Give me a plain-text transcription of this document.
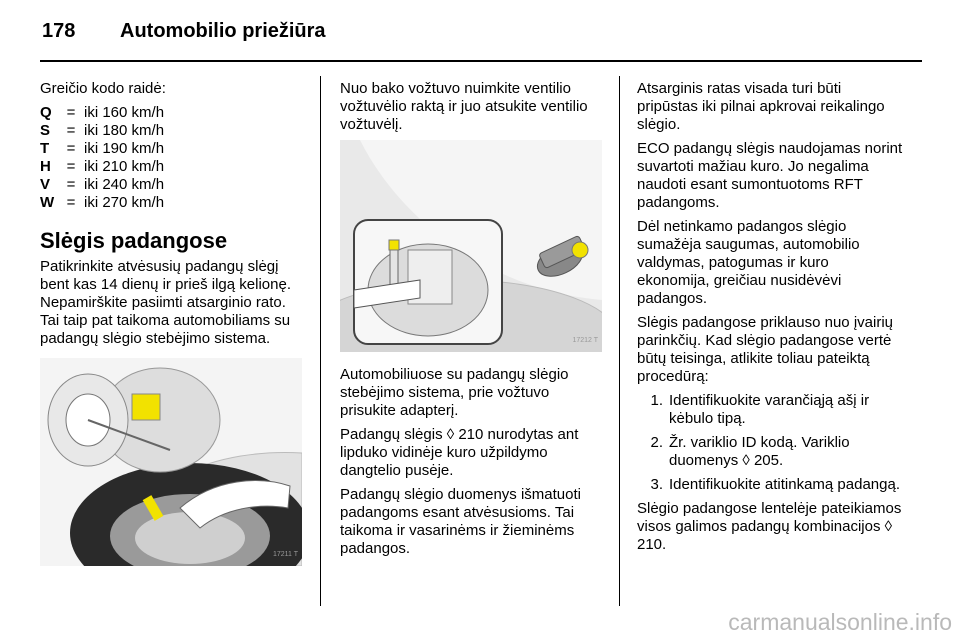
178	Automobilio priežiūra

Greičio kodo raidė:

Q = iki 160 km/h
S	= iki 180 km/h
T	= iki 190 km/h
H	= iki 210 km/h
V	= iki 240 km/h
W = iki 270 km/h
Slėgis padangose

Patikrinkite atvėsusių padangų slėgį bent kas 14 dienų ir prieš ilgą kelionę. Nepamirškite pasiimti atsarginio rato. Tai taip pat taikoma automobiliams su padangų slėgio stebėjimo sistema.

17211 T

Nuo bako vožtuvo nuimkite ventilio vožtuvėlio raktą ir juo atsukite ventilio vožtuvėlį.

17212 T

Automobiliuose su padangų slėgio stebėjimo sistema, prie vožtuvo prisukite adapterį.

Padangų slėgis ◊ 210 nurodytas ant lipduko vidinėje kuro užpildymo dangtelio pusėje.

Padangų slėgio duomenys išmatuoti padangoms esant atvėsusioms. Tai taikoma ir vasarinėms ir žieminėms padangos.

Atsarginis ratas visada turi būti pripūstas iki pilnai apkrovai reikalingo slėgio.

ECO padangų slėgis naudojamas norint suvartoti mažiau kuro. Jo negalima naudoti esant sumontuotoms RFT padangoms.

Dėl netinkamo padangos slėgio sumažėja saugumas, automobilio valdymas, patogumas ir kuro ekonomija, greičiau nusidėvėvi padangos.

Slėgis padangose priklauso nuo įvairių parinkčių. Kad slėgio padangose vertė būtų teisinga, atlikite toliau pateiktą procedūrą:

1. Identifikuokite varančiąją ašį ir kėbulo tipą.
2. Žr. variklio ID kodą. Variklio duomenys ◊ 205.
3. Identifikuokite atitinkamą padangą.

Slėgio padangose lentelėje pateikiamos visos galimos padangų kombinacijos ◊ 210.

carmanualsonline.info
